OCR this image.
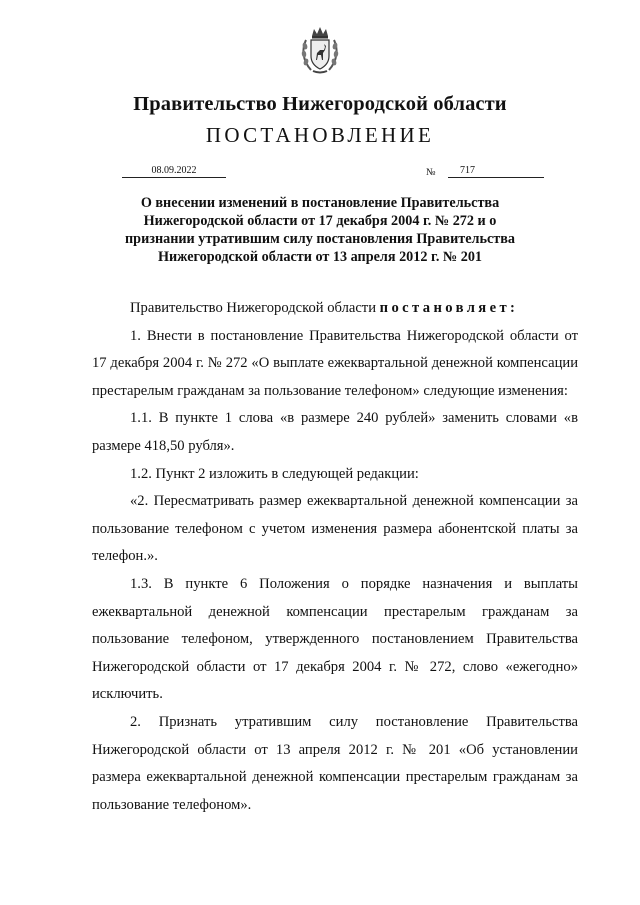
Правительство Нижегородской области
ПОСТАНОВЛЕНИЕ
08.09.2022	№	717
О внесении изменений в постановление Правительства
Нижегородской области от 17 декабря 2004 г. № 272 и о
признании утратившим силу постановления Правительства
Нижегородской области от 13 апреля 2012 г. № 201

Правительство Нижегородской области постановляет:

1. Внести в постановление Правительства Нижегородской области от 17 декабря 2004 г. № 272 «О выплате ежеквартальной денежной компенсации престарелым гражданам за пользование телефоном» следующие изменения:

1.1. В пункте 1 слова «в размере 240 рублей» заменить словами «в размере 418,50 рубля».

1.2. Пункт 2 изложить в следующей редакции:

«2. Пересматривать размер ежеквартальной денежной компенсации за пользование телефоном с учетом изменения размера абонентской платы за телефон.».

1.3. В пункте 6 Положения о порядке назначения и выплаты ежеквартальной денежной компенсации престарелым гражданам за пользование телефоном, утвержденного постановлением Правительства Нижегородской области от 17 декабря 2004 г. № 272, слово «ежегодно» исключить.

2. Признать утратившим силу постановление Правительства Нижегородской области от 13 апреля 2012 г. № 201 «Об установлении размера ежеквартальной денежной компенсации престарелым гражданам за пользование телефоном».
